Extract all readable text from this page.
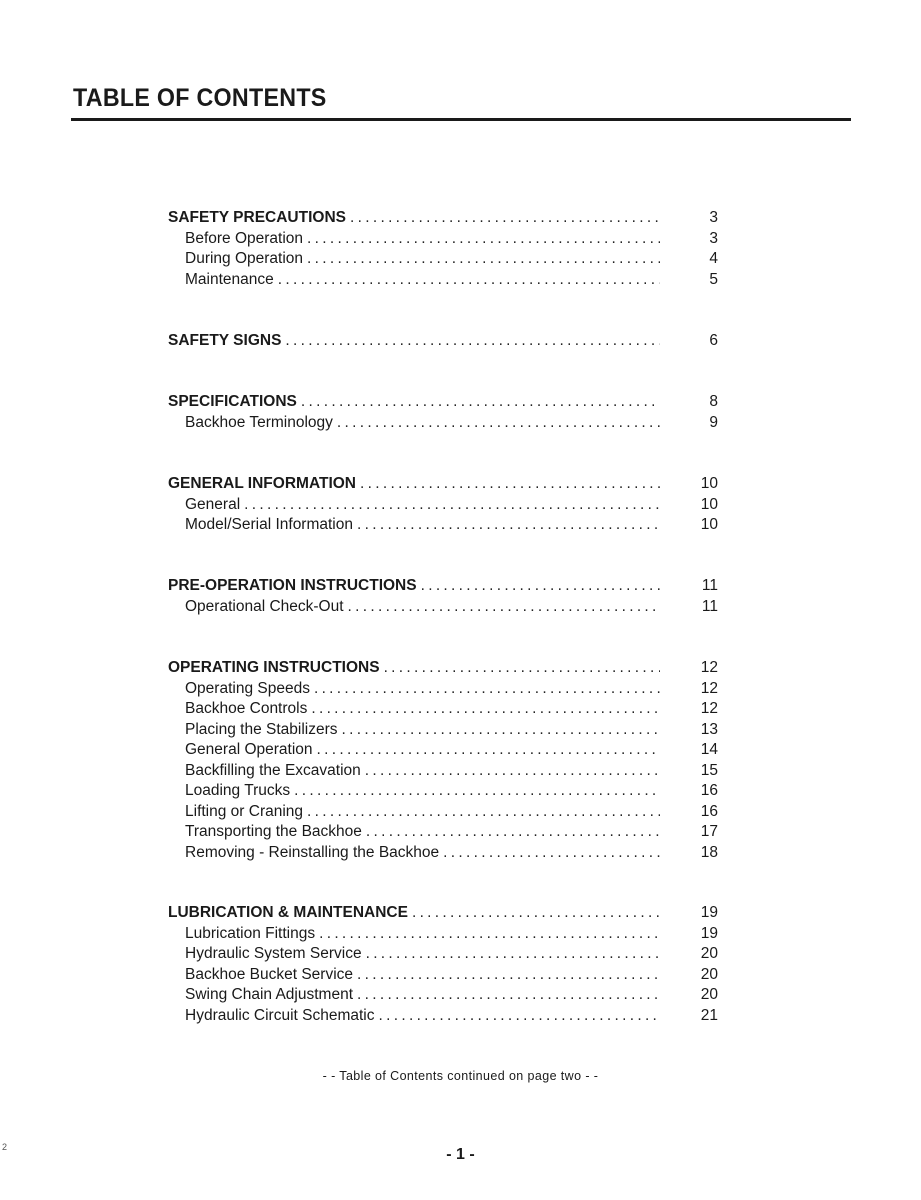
TABLE OF CONTENTS
SAFETY PRECAUTIONS . . .	3
Before Operation . . .	3
During Operation . . .	4
Maintenance . . .	5
SAFETY SIGNS . . .	6
SPECIFICATIONS . . .	8
Backhoe Terminology . . .	9
GENERAL INFORMATION . . .	10
General . . .	10
Model/Serial Information . . .	10
PRE-OPERATION INSTRUCTIONS . . .	11
Operational Check-Out . . .	11
OPERATING INSTRUCTIONS . . .	12
Operating Speeds . . .	12
Backhoe Controls . . .	12
Placing the Stabilizers . . .	13
General Operation . . .	14
Backfilling the Excavation . . .	15
Loading Trucks . . .	16
Lifting or Craning . . .	16
Transporting the Backhoe . . .	17
Removing - Reinstalling the Backhoe . . .	18
LUBRICATION & MAINTENANCE . . .	19
Lubrication Fittings . . .	19
Hydraulic System Service . . .	20
Backhoe Bucket Service . . .	20
Swing Chain Adjustment . . .	20
Hydraulic Circuit Schematic . . .	21
- - Table of Contents continued on page two - -
- 1 -
2
